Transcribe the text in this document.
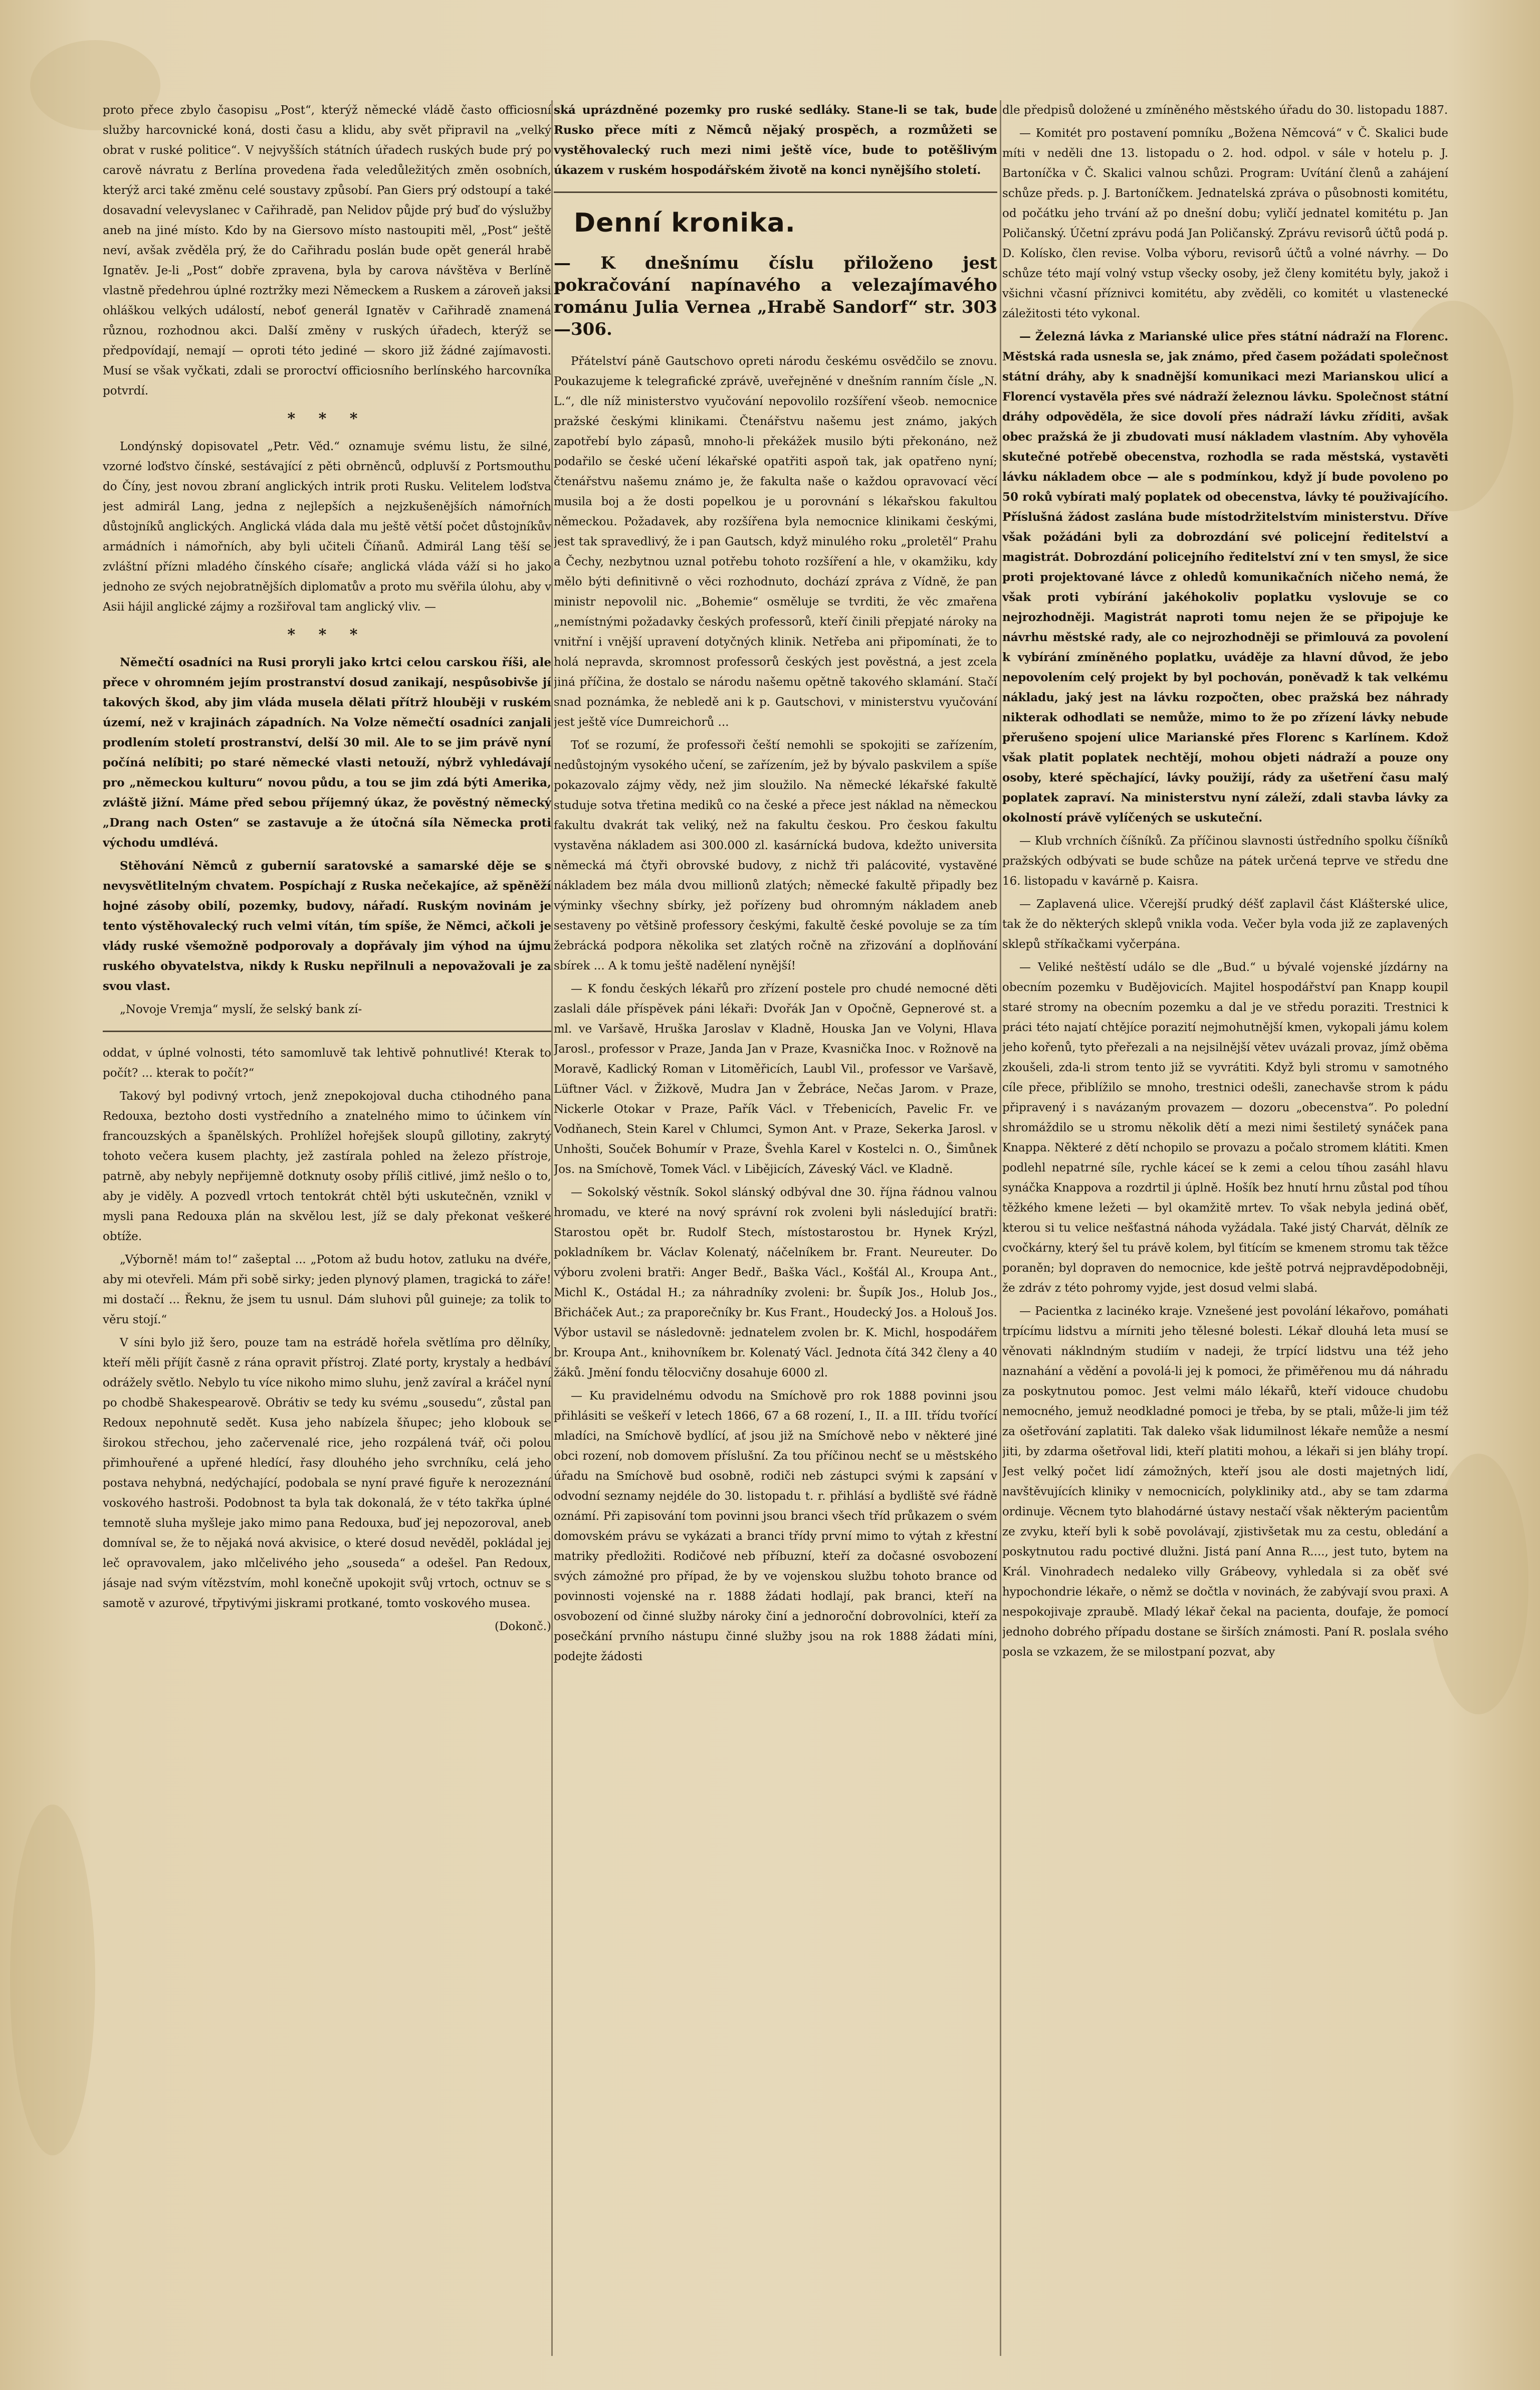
proto přece zbylo časopisu „Post“, kterýž německé vládě často officiosní služby harcovnické koná, dosti času a klidu, aby svět připravil na „velký obrat v ruské politice“. V nejvyšších státních úřadech ruských bude prý po carově návratu z Berlína provedena řada veledůležitých změn osobních, kterýž arci také změnu celé soustavy způsobí. Pan Giers prý odstoupí a také dosavadní velevyslanec v Cařihradě, pan Nelidov půjde prý buď do výslužby aneb na jiné místo. Kdo by na Giersovo místo nastoupiti měl, „Post“ ještě neví, avšak zvěděla prý, že do Cařihradu poslán bude opět generál hrabě Ignatěv. Je-li „Post“ dobře zpravena, byla by carova návštěva v Berlíně vlastně předehrou úplné roztržky mezi Německem a Ruskem a zároveň jaksi ohláškou velkých událostí, neboť generál Ignatěv v Cařihradě znamená různou, rozhodnou akci. Další změny v ruských úřadech, kterýž se předpovídají, nemají — oproti této jediné — skoro již žádné zajímavosti. Musí se však vyčkati, zdali se proroctví officiosního berlínského harcovníka potvrdí.

* * *

Londýnský dopisovatel „Petr. Věd.“ oznamuje svému listu, že silné, vzorné loďstvo čínské, sestávající z pěti obrněnců, odpluvší z Portsmouthu do Číny, jest novou zbraní anglických intrik proti Rusku. Velitelem loďstva jest admirál Lang, jedna z nejlepších a nejzkušenějších námořních důstojníků anglických. Anglická vláda dala mu ještě větší počet důstojníkův armádních i námořních, aby byli učiteli Číňanů. Admirál Lang těší se zvláštní přízni mladého čínského císaře; anglická vláda váží si ho jako jednoho ze svých nejobratnějších diplomatův a proto mu svěřila úlohu, aby v Asii hájil anglické zájmy a rozšiřoval tam anglický vliv. —

* * *

Němečtí osadníci na Rusi proryli jako krtci celou carskou říši, ale přece v ohromném jejím prostranství dosud zanikají, nespůsobivše jí takových škod, aby jim vláda musela dělati přítrž hlouběji v ruském území, než v krajinách západních. Na Volze němečtí osadníci zanjali prodlením století prostranství, delší 30 mil. Ale to se jim právě nyní počíná nelíbiti; po staré německé vlasti netouží, nýbrž vyhledávají pro „německou kulturu“ novou půdu, a tou se jim zdá býti Amerika, zvláště jižní. Máme před sebou příjemný úkaz, že pověstný německý „Drang nach Osten“ se zastavuje a že útočná síla Německa proti východu umdlévá.

Stěhování Němců z gubernií saratovské a samarské děje se s nevysvětlitelným chvatem. Pospíchají z Ruska nečekajíce, až spěněží hojné zásoby obilí, pozemky, budovy, nářadí. Ruským novinám je tento výstěhovalecký ruch velmi vítán, tím spíše, že Němci, ačkoli je vlády ruské všemožně podporovaly a dopřávaly jim výhod na újmu ruského obyvatelstva, nikdy k Rusku nepřilnuli a nepovažovali je za svou vlast.

„Novoje Vremja“ myslí, že selský bank zí-

oddat, v úplné volnosti, této samomluvě tak lehtivě pohnutlivé! Kterak to počít? ... kterak to počít?“

Takový byl podivný vrtoch, jenž znepokojoval ducha ctihodného pana Redouxa, beztoho dosti vystředního a znatelného mimo to účinkem vín francouzských a španělských. Prohlížel hořejšek sloupů gillotiny, zakrytý tohoto večera kusem plachty, jež zastírala pohled na železo přístroje, patrně, aby nebyly nepřijemně dotknuty osoby příliš citlivé, jimž nešlo o to, aby je viděly. A pozvedl vrtoch tentokrát chtěl býti uskutečněn, vznikl v mysli pana Redouxa plán na skvělou lest, jíž se daly překonat veškeré obtíže.

„Výborně! mám to!“ zašeptal ... „Potom až budu hotov, zatluku na dvéře, aby mi otevřeli. Mám při sobě sirky; jeden plynový plamen, tragická to záře! mi dostačí ... Řeknu, že jsem tu usnul. Dám sluhovi půl guineje; za tolik to věru stojí.“

V síni bylo již šero, pouze tam na estrádě hořela světlíma pro dělníky, kteří měli příjít časně z rána opravit přístroj. Zlaté porty, krystaly a hedbáví odrážely světlo. Nebylo tu více nikoho mimo sluhu, jenž zavíral a kráčel nyní po chodbě Shakespearově. Obrátiv se tedy ku svému „sousedu“, zůstal pan Redoux nepohnutě sedět. Kusa jeho nabízela šňupec; jeho klobouk se širokou střechou, jeho začervenalé rice, jeho rozpálená tvář, oči polou přimhouřené a upřené hledící, řasy dlouhého jeho svrchníku, celá jeho postava nehybná, nedýchající, podobala se nyní pravé figuře k nerozeznání voskového hastroši. Podobnost ta byla tak dokonalá, že v této takřka úplné temnotě sluha myšleje jako mimo pana Redouxa, buď jej nepozoroval, aneb domníval se, že to nějaká nová akvisice, o které dosud nevěděl, pokládal jej leč opravovalem, jako mlčelivého jeho „souseda“ a odešel. Pan Redoux, jásaje nad svým vítězstvím, mohl konečně upokojit svůj vrtoch, octnuv se s samotě v azurové, třpytivými jiskrami protkané, tomto voskového musea.

(Dokonč.)

ská uprázdněné pozemky pro ruské sedláky. Stane-li se tak, bude Rusko přece míti z Němců nějaký prospěch, a rozmůžeti se vystěhovalecký ruch mezi nimi ještě více, bude to potěšlivým úkazem v ruském hospodářském životě na konci nynějšího století.

Denní kronika.

— K dnešnímu číslu přiloženo jest pokračování napínavého a velezajímavého románu Julia Vernea „Hrabě Sandorf“ str. 303—306.

Přátelství páně Gautschovo opreti národu českému osvědčilo se znovu. Poukazujeme k telegrafické zprávě, uveřejněné v dnešním ranním čísle „N. L.“, dle níž ministerstvo vyučování nepovolilo rozšíření všeob. nemocnice pražské českými klinikami. Čtenářstvu našemu jest známo, jakých zapotřebí bylo zápasů, mnoho-li překážek musilo býti překonáno, než podařilo se české učení lékařské opatřiti aspoň tak, jak opatřeno nyní; čtenářstvu našemu známo je, že fakulta naše o každou opravovací věcí musila boj a že dosti popelkou je u porovnání s lékařskou fakultou německou. Požadavek, aby rozšířena byla nemocnice klinikami českými, jest tak spravedlivý, že i pan Gautsch, když minulého roku „proletěl“ Prahu a Čechy, nezbytnou uznal potřebu tohoto rozšíření a hle, v okamžiku, kdy mělo býti definitivně o věci rozhodnuto, dochází zpráva z Vídně, že pan ministr nepovolil nic. „Bohemie“ osměluje se tvrditi, že věc zmařena „nemístnými požadavky českých professorů, kteří činili přepjaté nároky na vnitřní i vnější upravení dotyčných klinik. Netřeba ani připomínati, že to holá nepravda, skromnost professorů českých jest pověstná, a jest zcela jiná příčina, že dostalo se národu našemu opětně takového sklamání. Stačí snad poznámka, že nebledě ani k p. Gautschovi, v ministerstvu vyučování jest ještě více Dumreichorů ...

Toť se rozumí, že professoři čeští nemohli se spokojiti se zařízením, nedůstojným vysokého učení, se zařízením, jež by bývalo paskvilem a spíše pokazovalo zájmy vědy, než jim sloužilo. Na německé lékařské fakultě studuje sotva třetina mediků co na české a přece jest náklad na německou fakultu dvakrát tak veliký, než na fakultu českou. Pro českou fakultu vystavěna nákladem asi 300.000 zl. kasárnícká budova, kdežto universita německá má čtyři obrovské budovy, z nichž tři palácovité, vystavěné nákladem bez mála dvou millionů zlatých; německé fakultě připadly bez výminky všechny sbírky, jež pořízeny bud ohromným nákladem aneb sestaveny po většině professory českými, fakultě české povoluje se za tím žebrácká podpora několika set zlatých ročně na zřizování a doplňování sbírek ... A k tomu ještě nadělení nynější!

— K fondu českých lékařů pro zřízení postele pro chudé nemocné děti zaslali dále příspěvek páni lékaři: Dvořák Jan v Opočně, Gepnerové st. a ml. ve Varšavě, Hruška Jaroslav v Kladně, Houska Jan ve Volyni, Hlava Jarosl., professor v Praze, Janda Jan v Praze, Kvasnička Inoc. v Rožnově na Moravě, Kadlický Roman v Litoměřicích, Laubl Vil., professor ve Varšavě, Lüftner Václ. v Žižkově, Mudra Jan v Žebráce, Nečas Jarom. v Praze, Nickerle Otokar v Praze, Pařík Václ. v Třebenicích, Pavelic Fr. ve Vodňanech, Stein Karel v Chlumci, Symon Ant. v Praze, Sekerka Jarosl. v Unhošti, Souček Bohumír v Praze, Švehla Karel v Kostelci n. O., Šimůnek Jos. na Smíchově, Tomek Václ. v Libějicích, Záveský Václ. ve Kladně.

— Sokolský věstník. Sokol slánský odbýval dne 30. října řádnou valnou hromadu, ve které na nový správní rok zvoleni byli následující bratři: Starostou opět br. Rudolf Stech, místostarostou br. Hynek Krýzl, pokladníkem br. Václav Kolenatý, náčelníkem br. Frant. Neureuter. Do výboru zvoleni bratři: Anger Bedř., Baška Václ., Košťál Al., Kroupa Ant., Michl K., Ostádal H.; za náhradníky zvoleni: br. Šupík Jos., Holub Jos., Břicháček Aut.; za praporečníky br. Kus Frant., Houdecký Jos. a Holouš Jos. Výbor ustavil se následovně: jednatelem zvolen br. K. Michl, hospodářem br. Kroupa Ant., knihovníkem br. Kolenatý Václ. Jednota čítá 342 členy a 40 žáků. Jmění fondu tělocvičny dosahuje 6000 zl.

— Ku pravidelnému odvodu na Smíchově pro rok 1888 povinni jsou přihlásiti se veškeří v letech 1866, 67 a 68 rození, I., II. a III. třídu tvořící mladíci, na Smíchově bydlící, ať jsou již na Smíchově nebo v některé jiné obci rození, nob domovem příslušní. Za tou příčinou nechť se u městského úřadu na Smíchově bud osobně, rodiči neb zástupci svými k zapsání v odvodní seznamy nejdéle do 30. listopadu t. r. přihlásí a bydliště své řádně oznámí. Při zapisování tom povinni jsou branci všech tříd průkazem o svém domovském právu se vykázati a branci třídy první mimo to výtah z křestní matriky předložiti. Rodičové neb příbuzní, kteří za dočasné osvobození svých zámožné pro případ, že by ve vojenskou službu tohoto brance od povinnosti vojenské na r. 1888 žádati hodlají, pak branci, kteří na osvobození od činné služby nároky činí a jednoroční dobrovolníci, kteří za posečkání prvního nástupu činné služby jsou na rok 1888 žádati míni, podejte žádosti

dle předpisů doložené u zmíněného městského úřadu do 30. listopadu 1887.

— Komitét pro postavení pomníku „Božena Němcová“ v Č. Skalici bude míti v neděli dne 13. listopadu o 2. hod. odpol. v sále v hotelu p. J. Bartoníčka v Č. Skalici valnou schůzi. Program: Uvítání členů a zahájení schůze předs. p. J. Bartoníčkem. Jednatelská zpráva o působnosti komitétu, od počátku jeho trvání až po dnešní dobu; vyličí jednatel komitétu p. Jan Poličanský. Účetní zprávu podá Jan Poličanský. Zprávu revisorů účtů podá p. D. Kolísko, člen revise. Volba výboru, revisorů účtů a volné návrhy. — Do schůze této mají volný vstup všecky osoby, jež členy komitétu byly, jakož i všichni včasní příznivci komitétu, aby zvěděli, co komitét u vlastenecké záležitosti této vykonal.

— Železná lávka z Marianské ulice přes státní nádraží na Florenc. Městská rada usnesla se, jak známo, před časem požádati společnost státní dráhy, aby k snadnější komunikaci mezi Marianskou ulicí a Florencí vystavěla přes své nádraží železnou lávku. Společnost státní dráhy odpověděla, že sice dovolí přes nádraží lávku zříditi, avšak obec pražská že ji zbudovati musí nákladem vlastním. Aby vyhověla skutečné potřebě obecenstva, rozhodla se rada městská, vystavěti lávku nákladem obce — ale s podmínkou, když jí bude povoleno po 50 roků vybírati malý poplatek od obecenstva, lávky té použivajícího. Příslušná žádost zaslána bude místodržitelstvím ministerstvu. Dříve však požádáni byli za dobrozdání své policejní ředitelství a magistrát. Dobrozdání policejního ředitelství zní v ten smysl, že sice proti projektované lávce z ohledů komunikačních ničeho nemá, že však proti vybírání jakéhokoliv poplatku vyslovuje se co nejrozhodněji. Magistrát naproti tomu nejen že se připojuje ke návrhu městské rady, ale co nejrozhodněji se přimlouvá za povolení k vybírání zmíněného poplatku, uváděje za hlavní důvod, že jebo nepovolením celý projekt by byl pochován, poněvadž k tak velkému nákladu, jaký jest na lávku rozpočten, obec pražská bez náhrady nikterak odhodlati se nemůže, mimo to že po zřízení lávky nebude přerušeno spojení ulice Marianské přes Florenc s Karlínem. Kdož však platit poplatek nechtějí, mohou objeti nádraží a pouze ony osoby, které spěchající, lávky použijí, rády za ušetření času malý poplatek zapraví. Na ministerstvu nyní záleží, zdali stavba lávky za okolností právě vylíčených se uskuteční.

— Klub vrchních číšníků. Za příčinou slavnosti ústředního spolku číšníků pražských odbývati se bude schůze na pátek určená teprve ve středu dne 16. listopadu v kavárně p. Kaisra.

— Zaplavená ulice. Včerejší prudký déšť zaplavil část Klášterské ulice, tak že do některých sklepů vnikla voda. Večer byla voda již ze zaplavených sklepů stříkačkami vyčerpána.

— Veliké neštěstí událo se dle „Bud.“ u bývalé vojenské jízdárny na obecním pozemku v Budějovicích. Majitel hospodářství pan Knapp koupil staré stromy na obecním pozemku a dal je ve středu poraziti. Trestnici k práci této najatí chtějíce porazití nejmohutnější kmen, vykopali jámu kolem jeho kořenů, tyto přeřezali a na nejsilnější větev uvázali provaz, jímž oběma zkoušeli, zda-li strom tento již se vyvrátiti. Když byli stromu v samotného cíle přece, přiblížilo se mnoho, trestnici odešli, zanechavše strom k pádu připravený i s navázaným provazem — dozoru „obecenstva“. Po polední shromáždilo se u stromu několik dětí a mezi nimi šestiletý synáček pana Knappa. Některé z dětí nchopilo se provazu a počalo stromem klátiti. Kmen podlehl nepatrné síle, rychle káceí se k zemi a celou tíhou zasáhl hlavu synáčka Knappova a rozdrtil ji úplně. Hošík bez hnutí hrnu zůstal pod tíhou těžkého kmene ležeti — byl okamžitě mrtev. To však nebyla jediná oběť, kterou si tu velice nešťastná náhoda vyžádala. Také jistý Charvát, dělník ze cvočkárny, který šel tu právě kolem, byl ťitícím se kmenem stromu tak těžce poraněn; byl dopraven do nemocnice, kde ještě potrvá nejpravděpodobněji, že zdráv z této pohromy vyjde, jest dosud velmi slabá.

— Pacientka z lacinéko kraje. Vznešené jest povolání lékařovo, pomáhati trpícímu lidstvu a mírniti jeho tělesné bolesti. Lékař dlouhá leta musí se věnovati náklndným studiím v nadeji, že trpící lidstvu una též jeho naznahání a vědění a povolá-li jej k pomoci, že přiměřenou mu dá náhradu za poskytnutou pomoc. Jest velmi málo lékařů, kteří vidouce chudobu nemocného, jemuž neodkladné pomoci je třeba, by se ptali, může-li jim též za ošetřování zaplatiti. Tak daleko však lidumilnost lékaře nemůže a nesmí jiti, by zdarma ošetřoval lidi, kteří platiti mohou, a lékaři si jen bláhy tropí. Jest velký počet lidí zámožných, kteří jsou ale dosti majetných lidí, navštěvujících kliniky v nemocnicích, polykliniky atd., aby se tam zdarma ordinuje. Věcnem tyto blahodárné ústavy nestačí však některým pacientům ze zvyku, kteří byli k sobě povolávají, zjistivšetak mu za cestu, obledání a poskytnutou radu poctivé dlužni. Jistá paní Anna R...., jest tuto, bytem na Král. Vinohradech nedaleko villy Grábeovy, vyhledala si za oběť své hypochondrie lékaře, o němž se dočtla v novinách, že zabývají svou praxi. A nespokojivaje zpraubě. Mladý lékař čekal na pacienta, doufaje, že pomocí jednoho dobrého případu dostane se širších známosti. Paní R. poslala svého posla se vzkazem, že se milostpaní pozvat, aby
